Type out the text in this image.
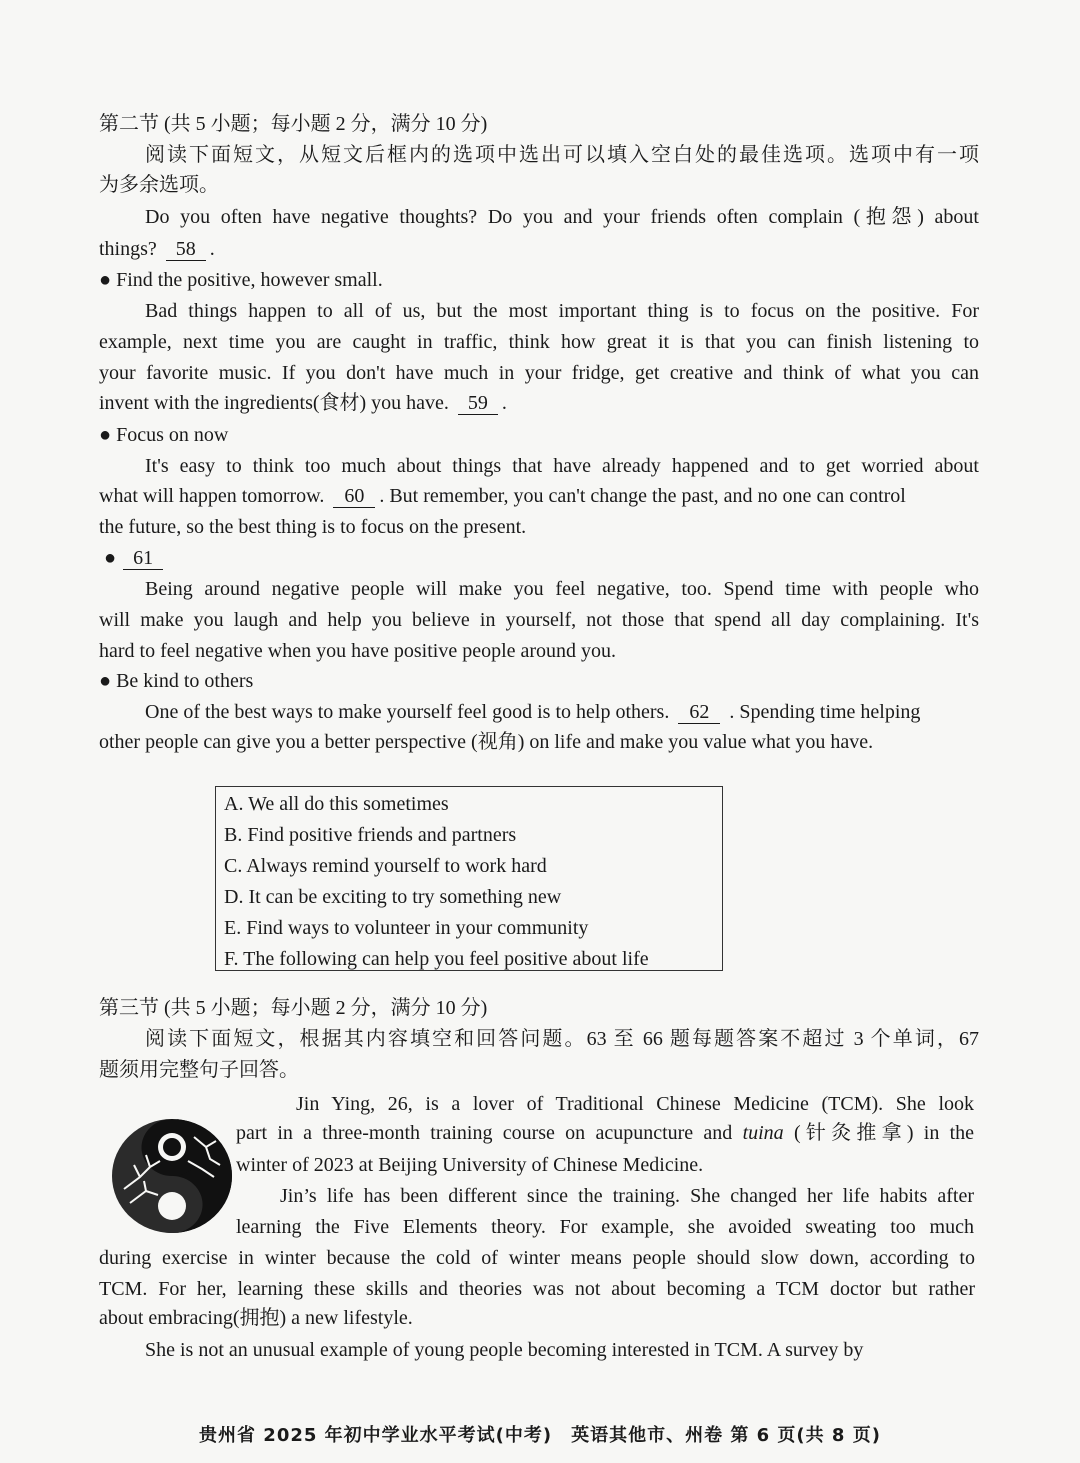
第二节 (共 5 小题；每小题 2 分，满分 10 分)
阅读下面短文，从短文后框内的选项中选出可以填入空白处的最佳选项。选项中有一项
为多余选项。
Do you often have negative thoughts? Do you and your friends often complain (抱怨) about
things? 58 .
● Find the positive, however small.
Bad things happen to all of us, but the most important thing is to focus on the positive. For
example, next time you are caught in traffic, think how great it is that you can finish listening to
your favorite music. If you don't have much in your fridge, get creative and think of what you can
invent with the ingredients(食材) you have. 59 .
● Focus on now
It's easy to think too much about things that have already happened and to get worried about
what will happen tomorrow. 60 . But remember, you can't change the past, and no one can control
the future, so the best thing is to focus on the present.
● 61
Being around negative people will make you feel negative, too. Spend time with people who
will make you laugh and help you believe in yourself, not those that spend all day complaining. It's
hard to feel negative when you have positive people around you.
● Be kind to others
One of the best ways to make yourself feel good is to help others. 62 . Spending time helping
other people can give you a better perspective (视角) on life and make you value what you have.
A. We all do this sometimes
B. Find positive friends and partners
C. Always remind yourself to work hard
D. It can be exciting to try something new
E. Find ways to volunteer in your community
F. The following can help you feel positive about life
第三节 (共 5 小题；每小题 2 分，满分 10 分)
阅读下面短文，根据其内容填空和回答问题。63 至 66 题每题答案不超过 3 个单词，67
题须用完整句子回答。
Jin Ying, 26, is a lover of Traditional Chinese Medicine (TCM). She look
part in a three-month training course on acupuncture and tuina (针灸推拿) in the
winter of 2023 at Beijing University of Chinese Medicine.
Jin’s life has been different since the training. She changed her life habits after
learning the Five Elements theory. For example, she avoided sweating too much
during exercise in winter because the cold of winter means people should slow down, according to
TCM. For her, learning these skills and theories was not about becoming a TCM doctor but rather
about embracing(拥抱) a new lifestyle.
She is not an unusual example of young people becoming interested in TCM. A survey by
贵州省 2025 年初中学业水平考试(中考)　英语其他市、州卷 第 6 页(共 8 页)
